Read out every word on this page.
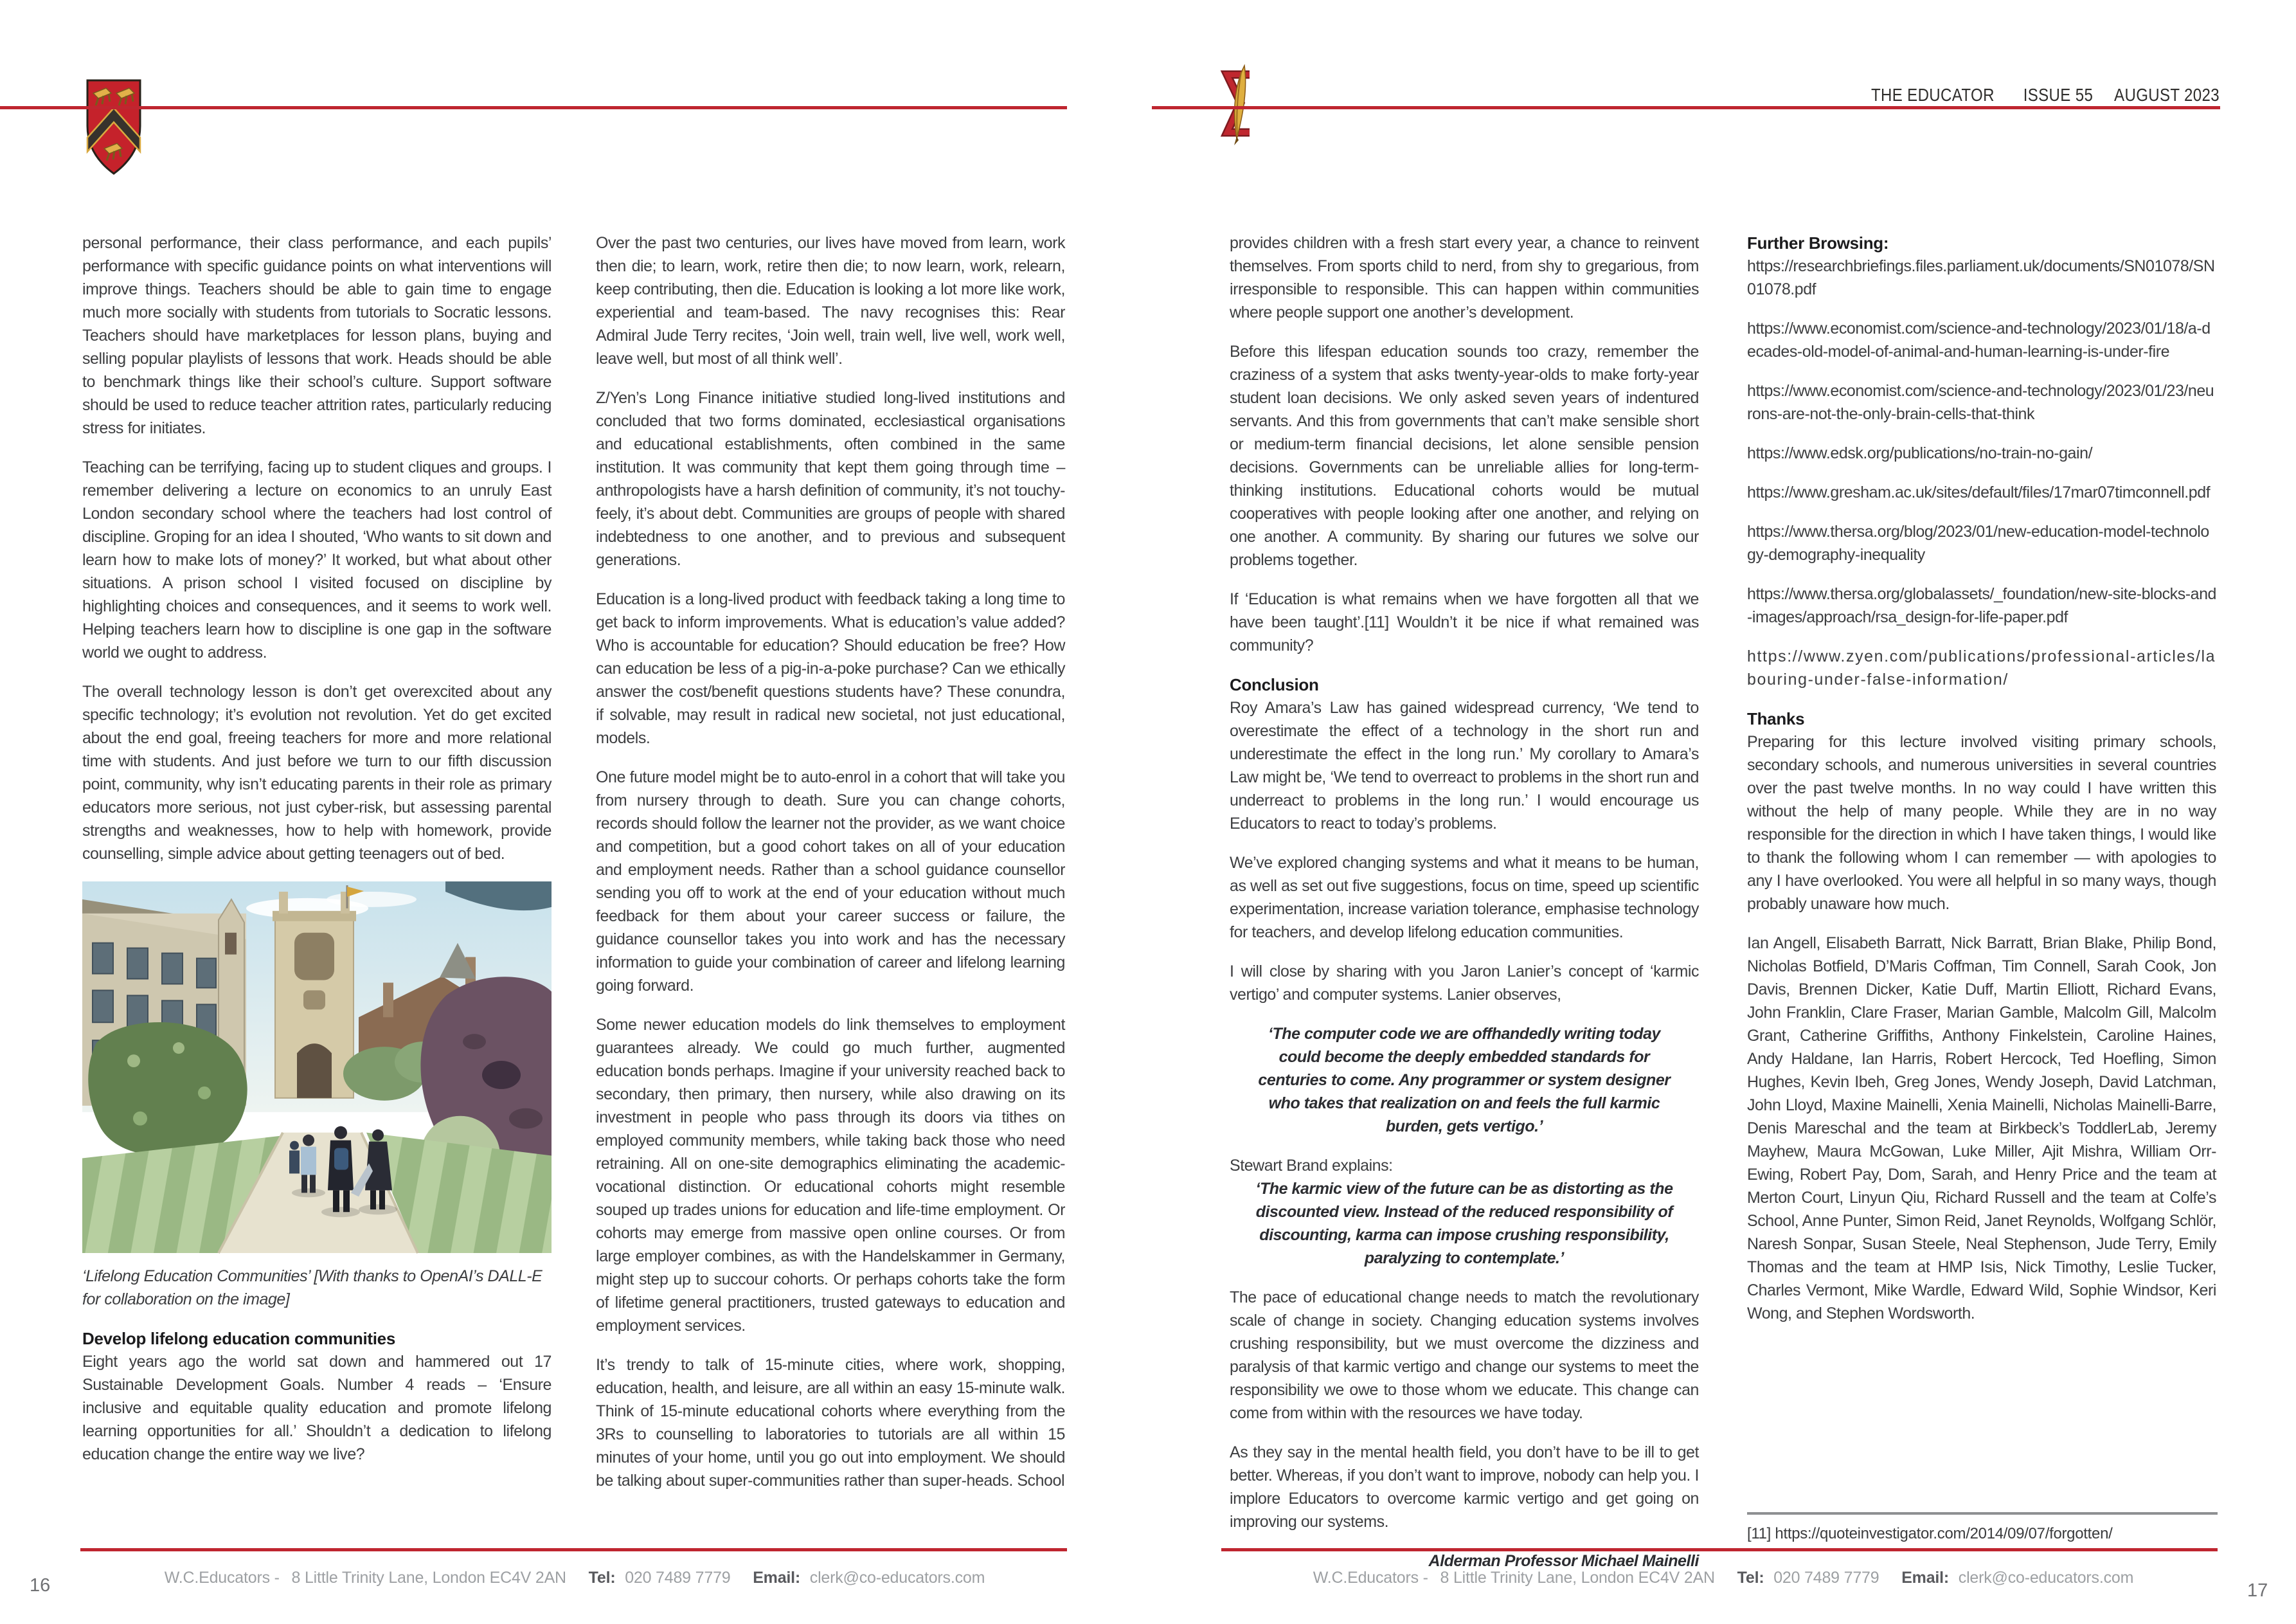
personal performance, their class performance, and each pupils’ performance with specific guidance points on what interventions will improve things. Teachers should be able to gain time to engage much more socially with students from tutorials to Socratic lessons. Teachers should have marketplaces for lesson plans, buying and selling popular playlists of lessons that work. Heads should be able to benchmark things like their school’s culture. Support software should be used to reduce teacher attrition rates, particularly reducing stress for initiates.
Teaching can be terrifying, facing up to student cliques and groups. I remember delivering a lecture on economics to an unruly East London secondary school where the teachers had lost control of discipline. Groping for an idea I shouted, ‘Who wants to sit down and learn how to make lots of money?’ It worked, but what about other situations. A prison school I visited focused on discipline by highlighting choices and consequences, and it seems to work well. Helping teachers learn how to discipline is one gap in the software world we ought to address.
The overall technology lesson is don’t get overexcited about any specific technology; it’s evolution not revolution. Yet do get excited about the end goal, freeing teachers for more and more relational time with students. And just before we turn to our fifth discussion point, community, why isn’t educating parents in their role as primary educators more serious, not just cyber-risk, but assessing parental strengths and weaknesses, how to help with homework, provide counselling, simple advice about getting teenagers out of bed.
‘Lifelong Education Communities’ [With thanks to OpenAI’s DALL-E for collaboration on the image]
Develop lifelong education communities
Eight years ago the world sat down and hammered out 17 Sustainable Development Goals. Number 4 reads – ‘Ensure inclusive and equitable quality education and promote lifelong learning opportunities for all.’ Shouldn’t a dedication to lifelong education change the entire way we live?
Over the past two centuries, our lives have moved from learn, work then die; to learn, work, retire then die; to now learn, work, relearn, keep contributing, then die. Education is looking a lot more like work, experiential and team-based. The navy recognises this: Rear Admiral Jude Terry recites, ‘Join well, train well, live well, work well, leave well, but most of all think well’.
Z/Yen’s Long Finance initiative studied long-lived institutions and concluded that two forms dominated, ecclesiastical organisations and educational establishments, often combined in the same institution. It was community that kept them going through time – anthropologists have a harsh definition of community, it’s not touchy-feely, it’s about debt. Communities are groups of people with shared indebtedness to one another, and to previous and subsequent generations.
Education is a long-lived product with feedback taking a long time to get back to inform improvements. What is education’s value added? Who is accountable for education? Should education be free? How can education be less of a pig-in-a-poke purchase? Can we ethically answer the cost/benefit questions students have? These conundra, if solvable, may result in radical new societal, not just educational, models.
One future model might be to auto-enrol in a cohort that will take you from nursery through to death. Sure you can change cohorts, records should follow the learner not the provider, as we want choice and competition, but a good cohort takes on all of your education and employment needs. Rather than a school guidance counsellor sending you off to work at the end of your education without much feedback for them about your career success or failure, the guidance counsellor takes you into work and has the necessary information to guide your combination of career and lifelong learning going forward.
Some newer education models do link themselves to employment guarantees already. We could go much further, augmented education bonds perhaps. Imagine if your university reached back to secondary, then primary, then nursery, while also drawing on its investment in people who pass through its doors via tithes on employed community members, while taking back those who need retraining. All on one-site demographics eliminating the academic-vocational distinction. Or educational cohorts might resemble souped up trades unions for education and life-time employment. Or cohorts may emerge from massive open online courses. Or from large employer combines, as with the Handelskammer in Germany, might step up to succour cohorts. Or perhaps cohorts take the form of lifetime general practitioners, trusted gateways to education and employment services.
It’s trendy to talk of 15-minute cities, where work, shopping, education, health, and leisure, are all within an easy 15-minute walk. Think of 15-minute educational cohorts where everything from the 3Rs to counselling to laboratories to tutorials are all within 15 minutes of your home, until you go out into employment. We should be talking about super-communities rather than super-heads. School
W.C.Educators - 8 Little Trinity Lane, London EC4V 2AN Tel: 020 7489 7779 Email: clerk@co-educators.com
16
THE EDUCATOR ISSUE 55 AUGUST 2023
provides children with a fresh start every year, a chance to reinvent themselves. From sports child to nerd, from shy to gregarious, from irresponsible to responsible. This can happen within communities where people support one another’s development.
Before this lifespan education sounds too crazy, remember the craziness of a system that asks twenty-year-olds to make forty-year student loan decisions. We only asked seven years of indentured servants. And this from governments that can’t make sensible short or medium-term financial decisions, let alone sensible pension decisions. Governments can be unreliable allies for long-term-thinking institutions. Educational cohorts would be mutual cooperatives with people looking after one another, and relying on one another. A community. By sharing our futures we solve our problems together.
If ‘Education is what remains when we have forgotten all that we have been taught’.[11] Wouldn’t it be nice if what remained was community?
Conclusion
Roy Amara’s Law has gained widespread currency, ‘We tend to overestimate the effect of a technology in the short run and underestimate the effect in the long run.’ My corollary to Amara’s Law might be, ‘We tend to overreact to problems in the short run and underreact to problems in the long run.’ I would encourage us Educators to react to today’s problems.
We’ve explored changing systems and what it means to be human, as well as set out five suggestions, focus on time, speed up scientific experimentation, increase variation tolerance, emphasise technology for teachers, and develop lifelong education communities.
I will close by sharing with you Jaron Lanier’s concept of ‘karmic vertigo’ and computer systems. Lanier observes,
‘The computer code we are offhandedly writing today could become the deeply embedded standards for centuries to come. Any programmer or system designer who takes that realization on and feels the full karmic burden, gets vertigo.’
Stewart Brand explains:
‘The karmic view of the future can be as distorting as the discounted view. Instead of the reduced responsibility of discounting, karma can impose crushing responsibility, paralyzing to contemplate.’
The pace of educational change needs to match the revolutionary scale of change in society. Changing education systems involves crushing responsibility, but we must overcome the dizziness and paralysis of that karmic vertigo and change our systems to meet the responsibility we owe to those whom we educate. This change can come from within with the resources we have today.
As they say in the mental health field, you don’t have to be ill to get better. Whereas, if you don’t want to improve, nobody can help you. I implore Educators to overcome karmic vertigo and get going on improving our systems.
Alderman Professor Michael Mainelli
Further Browsing:
https://researchbriefings.files.parliament.uk/documents/SN01078/SN01078.pdf
https://www.economist.com/science-and-technology/2023/01/18/a-decades-old-model-of-animal-and-human-learning-is-under-fire
https://www.economist.com/science-and-technology/2023/01/23/neurons-are-not-the-only-brain-cells-that-think
https://www.edsk.org/publications/no-train-no-gain/
https://www.gresham.ac.uk/sites/default/files/17mar07timconnell.pdf
https://www.thersa.org/blog/2023/01/new-education-model-technology-demography-inequality
https://www.thersa.org/globalassets/_foundation/new-site-blocks-and-images/approach/rsa_design-for-life-paper.pdf
https://www.zyen.com/publications/professional-articles/labouring-under-false-information/
Thanks
Preparing for this lecture involved visiting primary schools, secondary schools, and numerous universities in several countries over the past twelve months. In no way could I have written this without the help of many people. While they are in no way responsible for the direction in which I have taken things, I would like to thank the following whom I can remember — with apologies to any I have overlooked. You were all helpful in so many ways, though probably unaware how much.
Ian Angell, Elisabeth Barratt, Nick Barratt, Brian Blake, Philip Bond, Nicholas Botfield, D’Maris Coffman, Tim Connell, Sarah Cook, Jon Davis, Brennen Dicker, Katie Duff, Martin Elliott, Richard Evans, John Franklin, Clare Fraser, Marian Gamble, Malcolm Gill, Malcolm Grant, Catherine Griffiths, Anthony Finkelstein, Caroline Haines, Andy Haldane, Ian Harris, Robert Hercock, Ted Hoefling, Simon Hughes, Kevin Ibeh, Greg Jones, Wendy Joseph, David Latchman, John Lloyd, Maxine Mainelli, Xenia Mainelli, Nicholas Mainelli-Barre, Denis Mareschal and the team at Birkbeck’s ToddlerLab, Jeremy Mayhew, Maura McGowan, Luke Miller, Ajit Mishra, William Orr-Ewing, Robert Pay, Dom, Sarah, and Henry Price and the team at Merton Court, Linyun Qiu, Richard Russell and the team at Colfe’s School, Anne Punter, Simon Reid, Janet Reynolds, Wolfgang Schlör, Naresh Sonpar, Susan Steele, Neal Stephenson, Jude Terry, Emily Thomas and the team at HMP Isis, Nick Timothy, Leslie Tucker, Charles Vermont, Mike Wardle, Edward Wild, Sophie Windsor, Keri Wong, and Stephen Wordsworth.
[11] https://quoteinvestigator.com/2014/09/07/forgotten/
W.C.Educators - 8 Little Trinity Lane, London EC4V 2AN Tel: 020 7489 7779 Email: clerk@co-educators.com
17
